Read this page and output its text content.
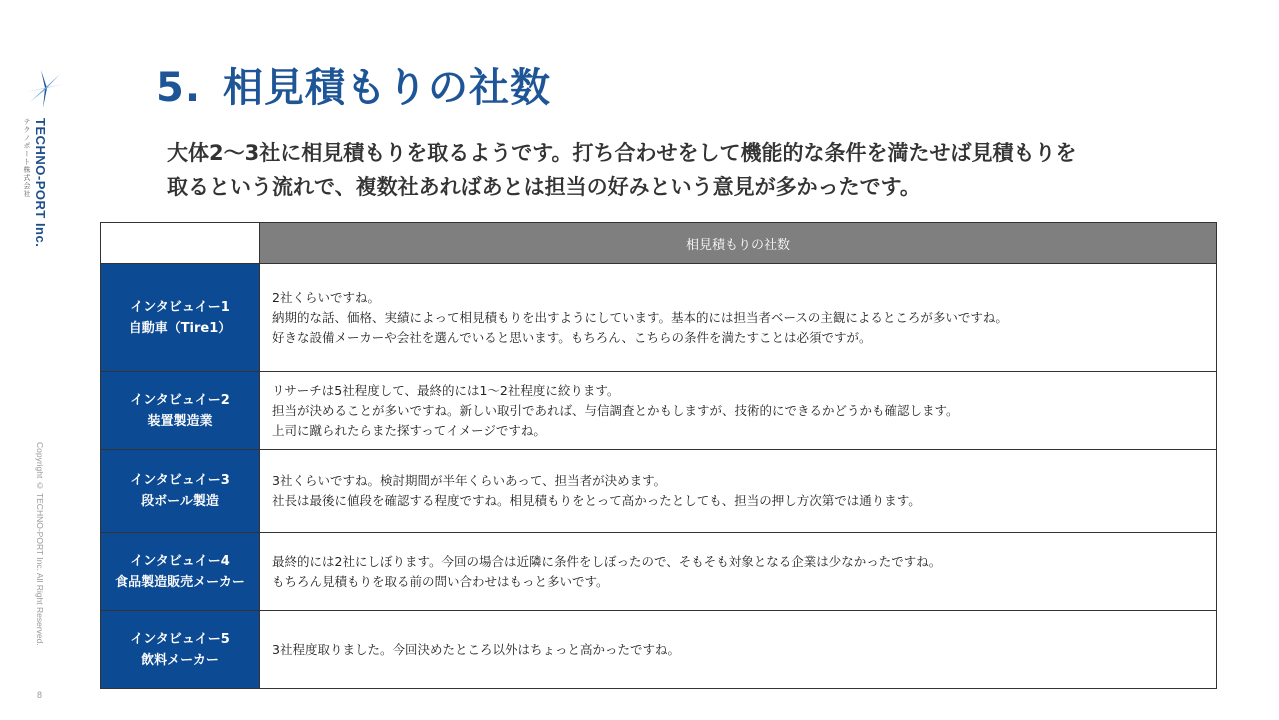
TECHNO-PORT Inc.
テクノポート株式会社
Copyright © TECHNO-PORT Inc. All Right Reserved.
8
5. 相見積もりの社数
大体2～3社に相見積もりを取るようです。打ち合わせをして機能的な条件を満たせば見積もりを
取るという流れで、複数社あればあとは担当の好みという意見が多かったです。
	相見積もりの社数

インタビュイー1
自動車（Tire1）	2社くらいですね。
納期的な話、価格、実績によって相見積もりを出すようにしています。基本的には担当者ベースの主観によるところが多いですね。
好きな設備メーカーや会社を選んでいると思います。もちろん、こちらの条件を満たすことは必須ですが。

インタビュイー2
装置製造業	リサーチは5社程度して、最終的には1～2社程度に絞ります。
担当が決めることが多いですね。新しい取引であれば、与信調査とかもしますが、技術的にできるかどうかも確認します。
上司に蹴られたらまた探すってイメージですね。

インタビュイー3
段ボール製造	3社くらいですね。検討期間が半年くらいあって、担当者が決めます。
社長は最後に値段を確認する程度ですね。相見積もりをとって高かったとしても、担当の押し方次第では通ります。

インタビュイー4
食品製造販売メーカー	最終的には2社にしぼります。今回の場合は近隣に条件をしぼったので、そもそも対象となる企業は少なかったですね。
もちろん見積もりを取る前の問い合わせはもっと多いです。

インタビュイー5
飲料メーカー	3社程度取りました。今回決めたところ以外はちょっと高かったですね。
